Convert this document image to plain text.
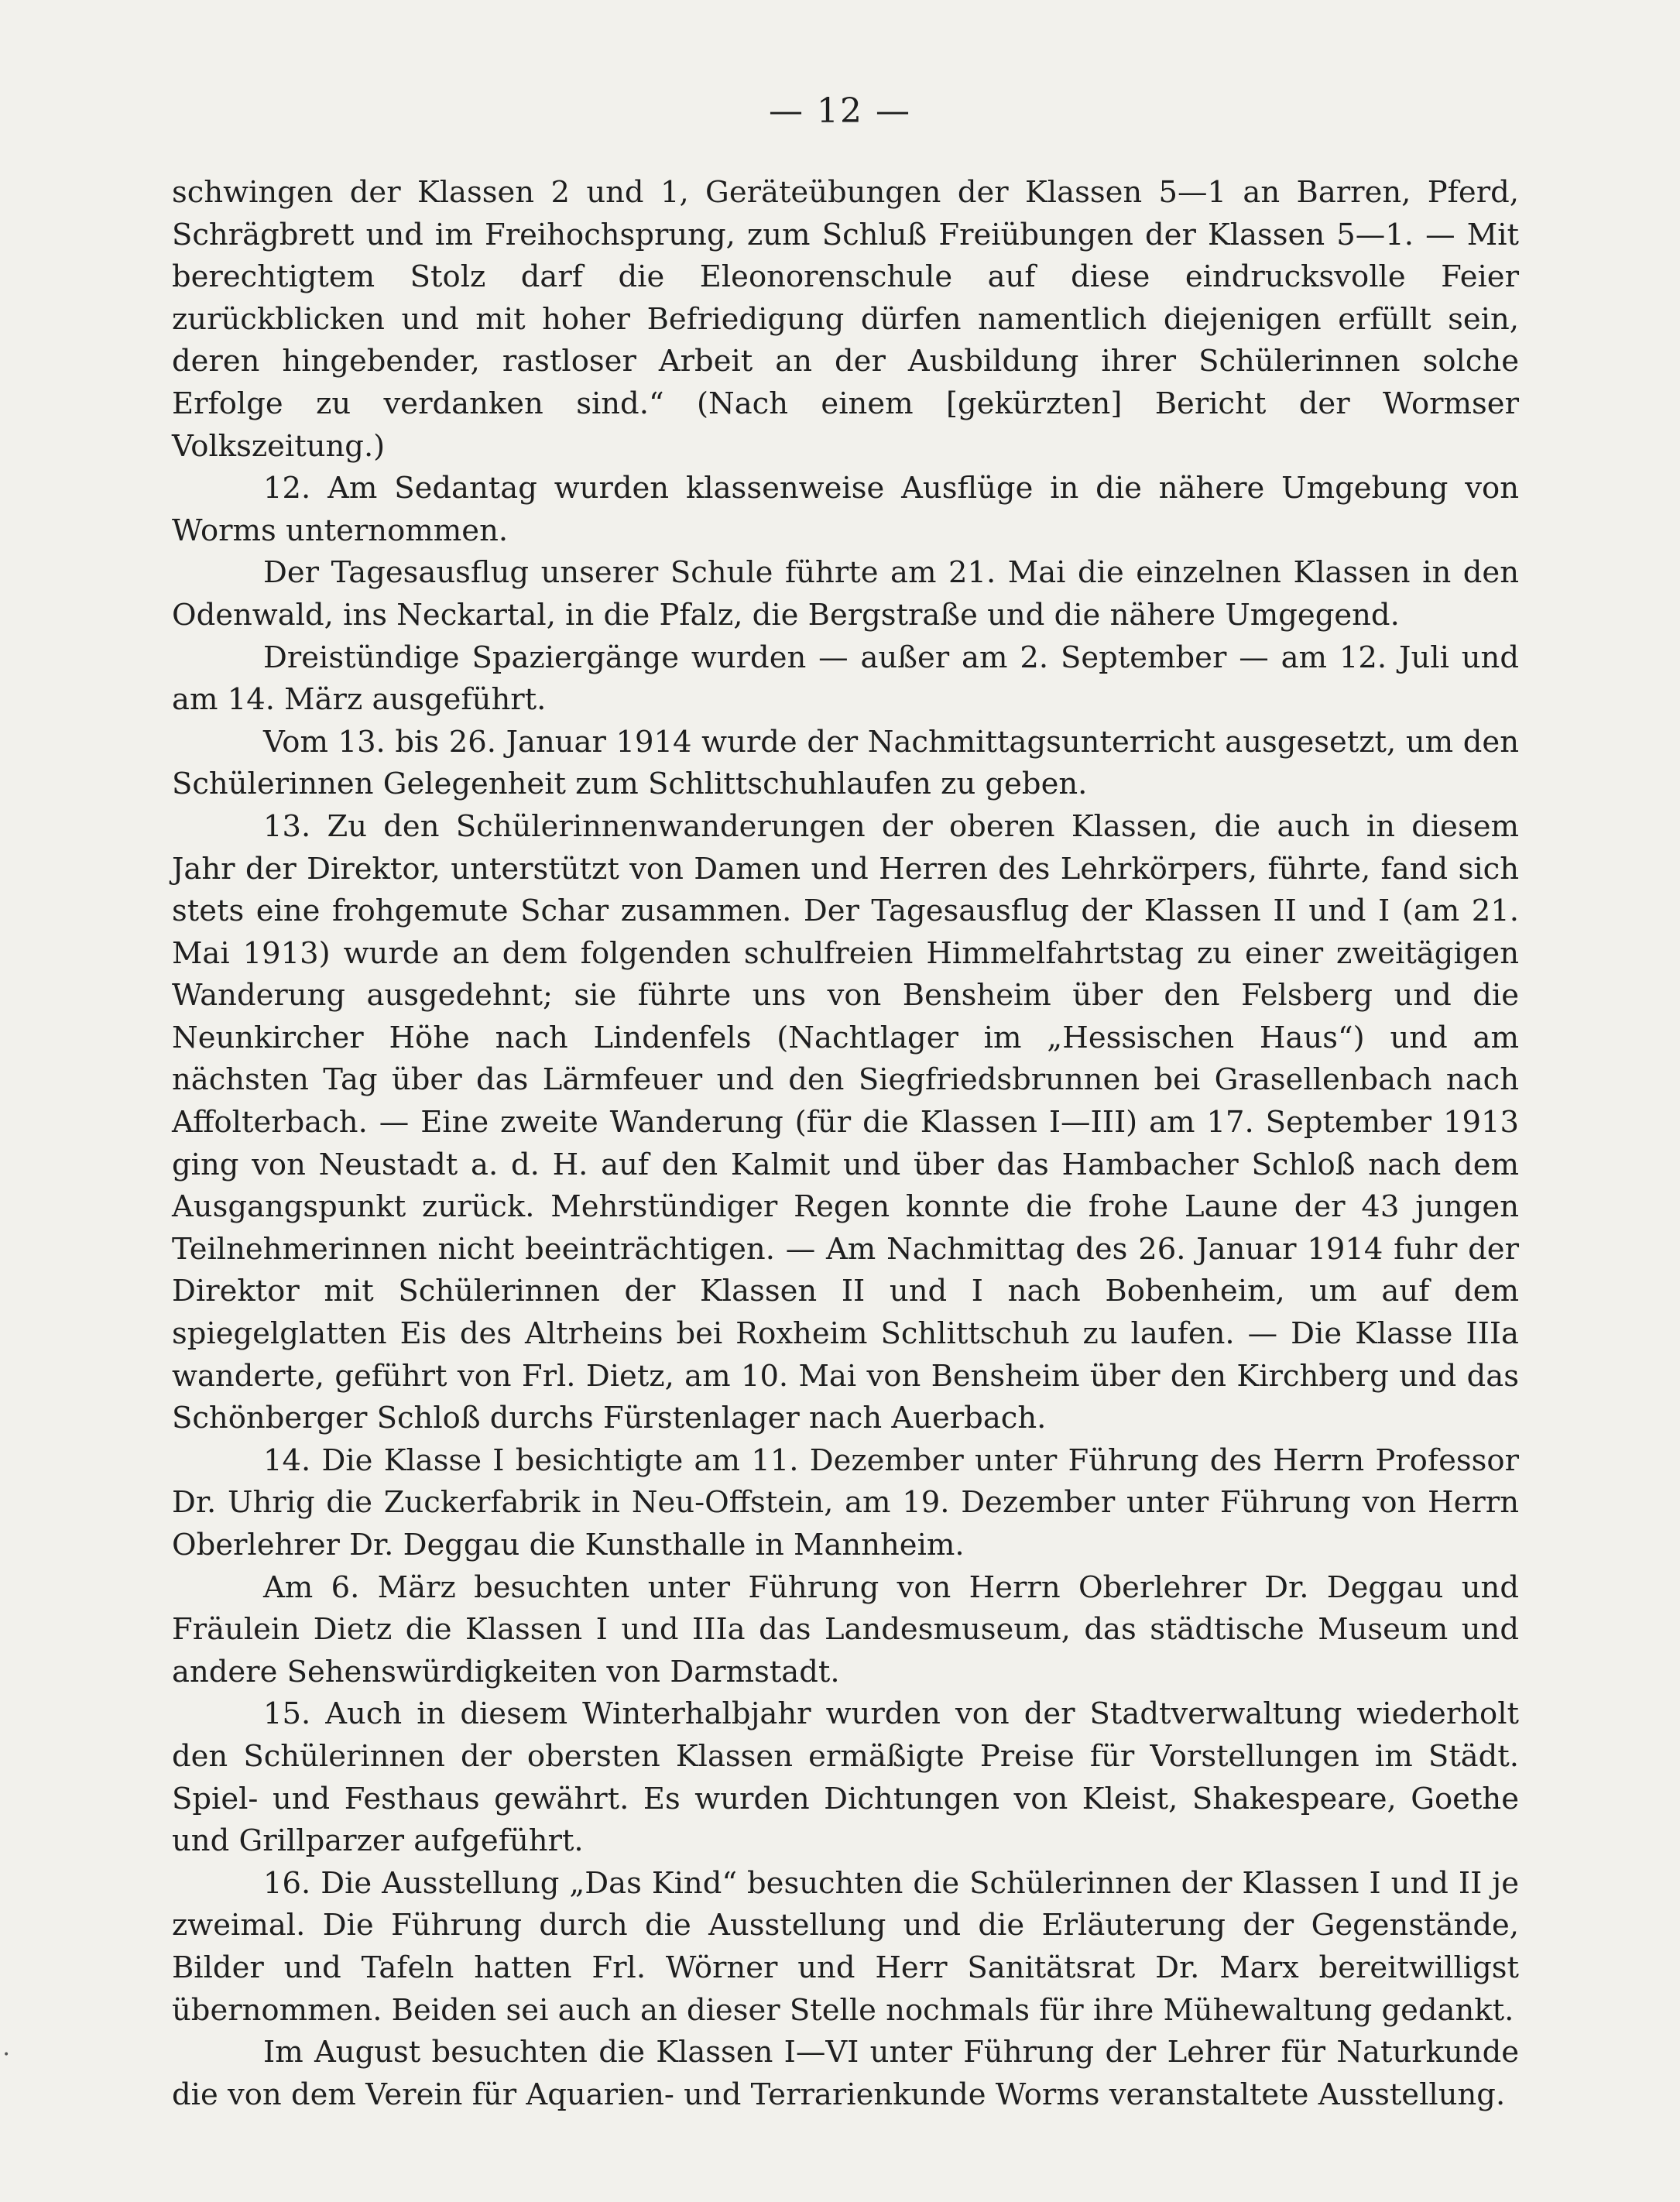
— 12 —

schwingen der Klassen 2 und 1, Geräteübungen der Klassen 5—1 an Barren, Pferd, Schrägbrett und im Freihochsprung, zum Schluß Freiübungen der Klassen 5—1. — Mit berechtigtem Stolz darf die Eleonorenschule auf diese eindrucksvolle Feier zurückblicken und mit hoher Befriedigung dürfen namentlich diejenigen erfüllt sein, deren hingebender, rastloser Arbeit an der Ausbildung ihrer Schülerinnen solche Erfolge zu verdanken sind.“ (Nach einem [gekürzten] Bericht der Wormser Volkszeitung.)

12. Am Sedantag wurden klassenweise Ausflüge in die nähere Umgebung von Worms unternommen.

Der Tagesausflug unserer Schule führte am 21. Mai die einzelnen Klassen in den Odenwald, ins Neckartal, in die Pfalz, die Bergstraße und die nähere Umgegend.

Dreistündige Spaziergänge wurden — außer am 2. September — am 12. Juli und am 14. März ausgeführt.

Vom 13. bis 26. Januar 1914 wurde der Nachmittagsunterricht ausgesetzt, um den Schülerinnen Gelegenheit zum Schlittschuhlaufen zu geben.

13. Zu den Schülerinnenwanderungen der oberen Klassen, die auch in diesem Jahr der Direktor, unterstützt von Damen und Herren des Lehrkörpers, führte, fand sich stets eine frohgemute Schar zusammen. Der Tagesausflug der Klassen II und I (am 21. Mai 1913) wurde an dem folgenden schulfreien Himmelfahrtstag zu einer zweitägigen Wanderung ausgedehnt; sie führte uns von Bensheim über den Felsberg und die Neunkircher Höhe nach Lindenfels (Nachtlager im „Hessischen Haus“) und am nächsten Tag über das Lärmfeuer und den Siegfriedsbrunnen bei Grasellenbach nach Affolterbach. — Eine zweite Wanderung (für die Klassen I—III) am 17. September 1913 ging von Neustadt a. d. H. auf den Kalmit und über das Hambacher Schloß nach dem Ausgangspunkt zurück. Mehrstündiger Regen konnte die frohe Laune der 43 jungen Teilnehmerinnen nicht beeinträchtigen. — Am Nachmittag des 26. Januar 1914 fuhr der Direktor mit Schülerinnen der Klassen II und I nach Bobenheim, um auf dem spiegelglatten Eis des Altrheins bei Roxheim Schlittschuh zu laufen. — Die Klasse IIIa wanderte, geführt von Frl. Dietz, am 10. Mai von Bensheim über den Kirchberg und das Schönberger Schloß durchs Fürstenlager nach Auerbach.

14. Die Klasse I besichtigte am 11. Dezember unter Führung des Herrn Professor Dr. Uhrig die Zuckerfabrik in Neu-Offstein, am 19. Dezember unter Führung von Herrn Oberlehrer Dr. Deggau die Kunsthalle in Mannheim.

Am 6. März besuchten unter Führung von Herrn Oberlehrer Dr. Deggau und Fräulein Dietz die Klassen I und IIIa das Landesmuseum, das städtische Museum und andere Sehenswürdigkeiten von Darmstadt.

15. Auch in diesem Winterhalbjahr wurden von der Stadtverwaltung wiederholt den Schülerinnen der obersten Klassen ermäßigte Preise für Vorstellungen im Städt. Spiel- und Festhaus gewährt. Es wurden Dichtungen von Kleist, Shakespeare, Goethe und Grillparzer aufgeführt.

16. Die Ausstellung „Das Kind“ besuchten die Schülerinnen der Klassen I und II je zweimal. Die Führung durch die Ausstellung und die Erläuterung der Gegenstände, Bilder und Tafeln hatten Frl. Wörner und Herr Sanitätsrat Dr. Marx bereitwilligst übernommen. Beiden sei auch an dieser Stelle nochmals für ihre Mühewaltung gedankt.

Im August besuchten die Klassen I—VI unter Führung der Lehrer für Naturkunde die von dem Verein für Aquarien- und Terrarienkunde Worms veranstaltete Ausstellung.

•
